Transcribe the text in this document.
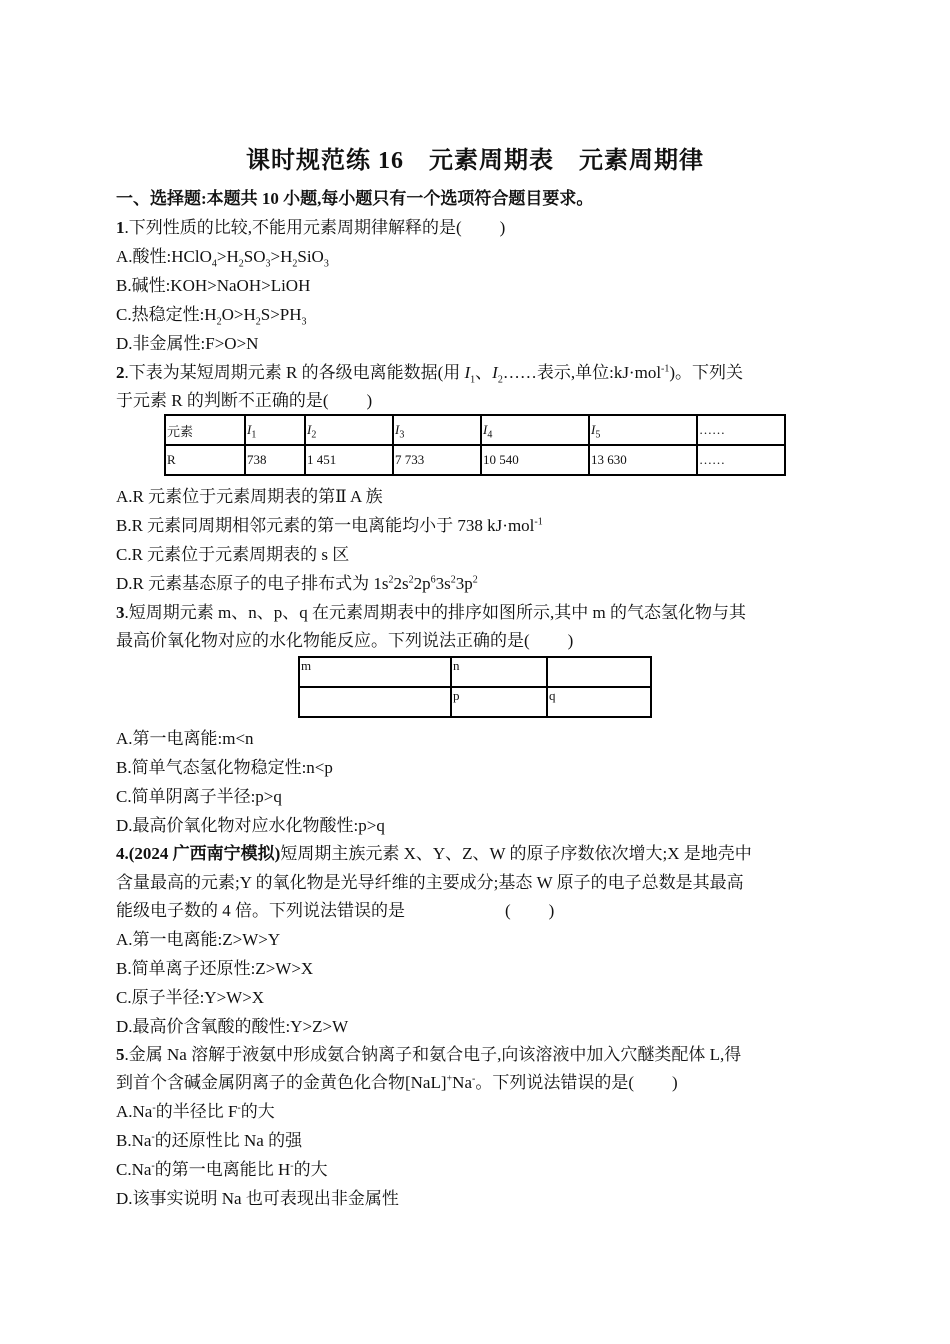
课时规范练 16　元素周期表　元素周期律
一、选择题:本题共 10 小题,每小题只有一个选项符合题目要求。
1.下列性质的比较,不能用元素周期律解释的是( )
A.酸性$:HClO_4>H_2SO_3>H_2SiO_3$
B.碱性:KOH>NaOH>LiOH
C.热稳定性$:H_2O>H_2S>PH_3$
D.非金属性:F>O>N
2.下表为某短周期元素 R 的各级电离能数据(用 $I_1$、$I_2\dots\dots$表示,单位:kJ·mol$^{-1}$)。下列关
于元素 R 的判断不正确的是( )
元素	$I_1$	$I_2$	$I_3$	$I_4$	$I_5$	……
R	738	1 451	7 733	10 540	13 630	……
A.R 元素位于元素周期表的第Ⅱ A 族
B.R 元素同周期相邻元素的第一电离能均小于 738 kJ·mol$^{-1}$
C.R 元素位于元素周期表的 s 区
D.R 元素基态原子的电子排布式为 $1s^22s^22p^63s^23p^2$
3.短周期元素 m、n、p、q 在元素周期表中的排序如图所示,其中 m 的气态氢化物与其
最高价氧化物对应的水化物能反应。下列说法正确的是( )
m	n	
	p	q
A.第一电离能:m<n
B.简单气态氢化物稳定性:n<p
C.简单阴离子半径:p>q
D.最高价氧化物对应水化物酸性:p>q
4.(2024 广西南宁模拟)短周期主族元素 X、Y、Z、W 的原子序数依次增大;X 是地壳中
含量最高的元素;Y 的氧化物是光导纤维的主要成分;基态 W 原子的电子总数是其最高
能级电子数的 4 倍。下列说法错误的是	( )
A.第一电离能:Z>W>Y
B.简单离子还原性:Z>W>X
C.原子半径:Y>W>X
D.最高价含氧酸的酸性:Y>Z>W
5.金属 Na 溶解于液氨中形成氨合钠离子和氨合电子,向该溶液中加入穴醚类配体 L,得
到首个含碱金属阴离子的金黄色化合物[NaL]+Na-。下列说法错误的是( )
A.Na-的半径比 F-的大
B.Na-的还原性比 Na 的强
C.Na-的第一电离能比 H-的大
D.该事实说明 Na 也可表现出非金属性
